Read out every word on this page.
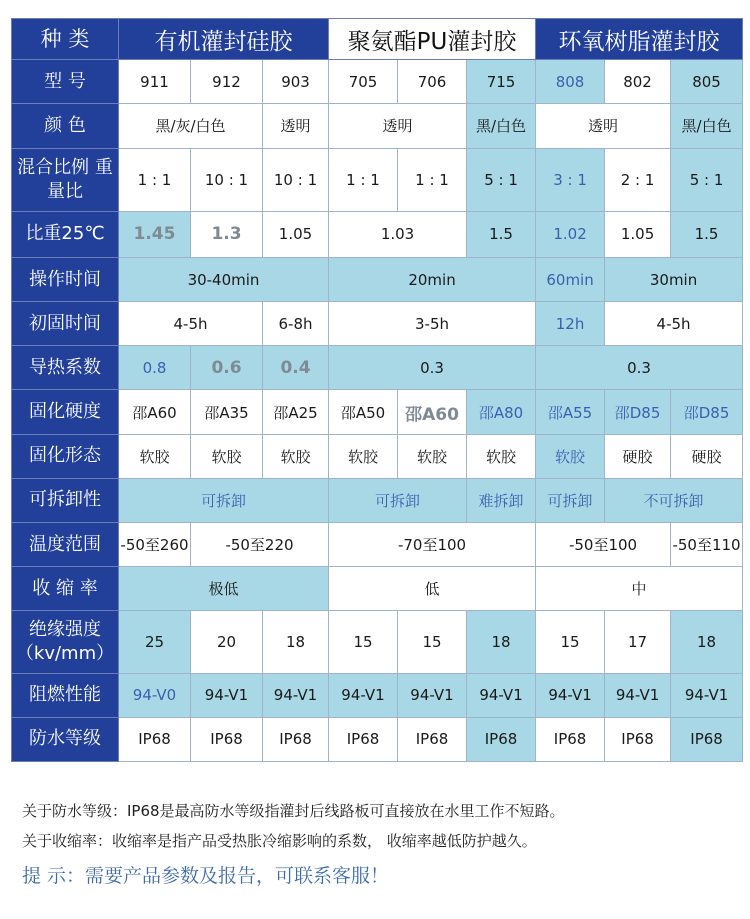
种 类	有机灌封硅胶			聚氨酯PU灌封胶			环氧树脂灌封胶		
型 号	911	912	903	705	706	715	808	802	805
颜 色	黑/灰/白色		透明	透明		黑/白色	透明		黑/白色
混合比例 重量比	1 : 1	10 : 1	10 : 1	1 : 1	1 : 1	5 : 1	3 : 1	2 : 1	5 : 1
比重25℃	1.45	1.3	1.05	1.03		1.5	1.02	1.05	1.5
操作时间	30-40min			20min			60min	30min	
初固时间	4-5h		6-8h	3-5h			12h	4-5h	
导热系数	0.8	0.6	0.4	0.3			0.3		
固化硬度	邵A60	邵A35	邵A25	邵A50	邵A60	邵A80	邵A55	邵D85	邵D85
固化形态	软胶	软胶	软胶	软胶	软胶	软胶	软胶	硬胶	硬胶
可拆卸性	可拆卸			可拆卸		难拆卸	可拆卸	不可拆卸	
温度范围	-50至260	-50至220		-70至100			-50至100		-50至110
收 缩 率	极低			低			中		
绝缘强度 （kv/mm）	25	20	18	15	15	18	15	17	18
阻燃性能	94-V0	94-V1	94-V1	94-V1	94-V1	94-V1	94-V1	94-V1	94-V1
防水等级	IP68	IP68	IP68	IP68	IP68	IP68	IP68	IP68	IP68
关于防水等级：IP68是最高防水等级指灌封后线路板可直接放在水里工作不短路。
关于收缩率：收缩率是指产品受热胀冷缩影响的系数， 收缩率越低防护越久。
提 示：需要产品参数及报告，可联系客服！
